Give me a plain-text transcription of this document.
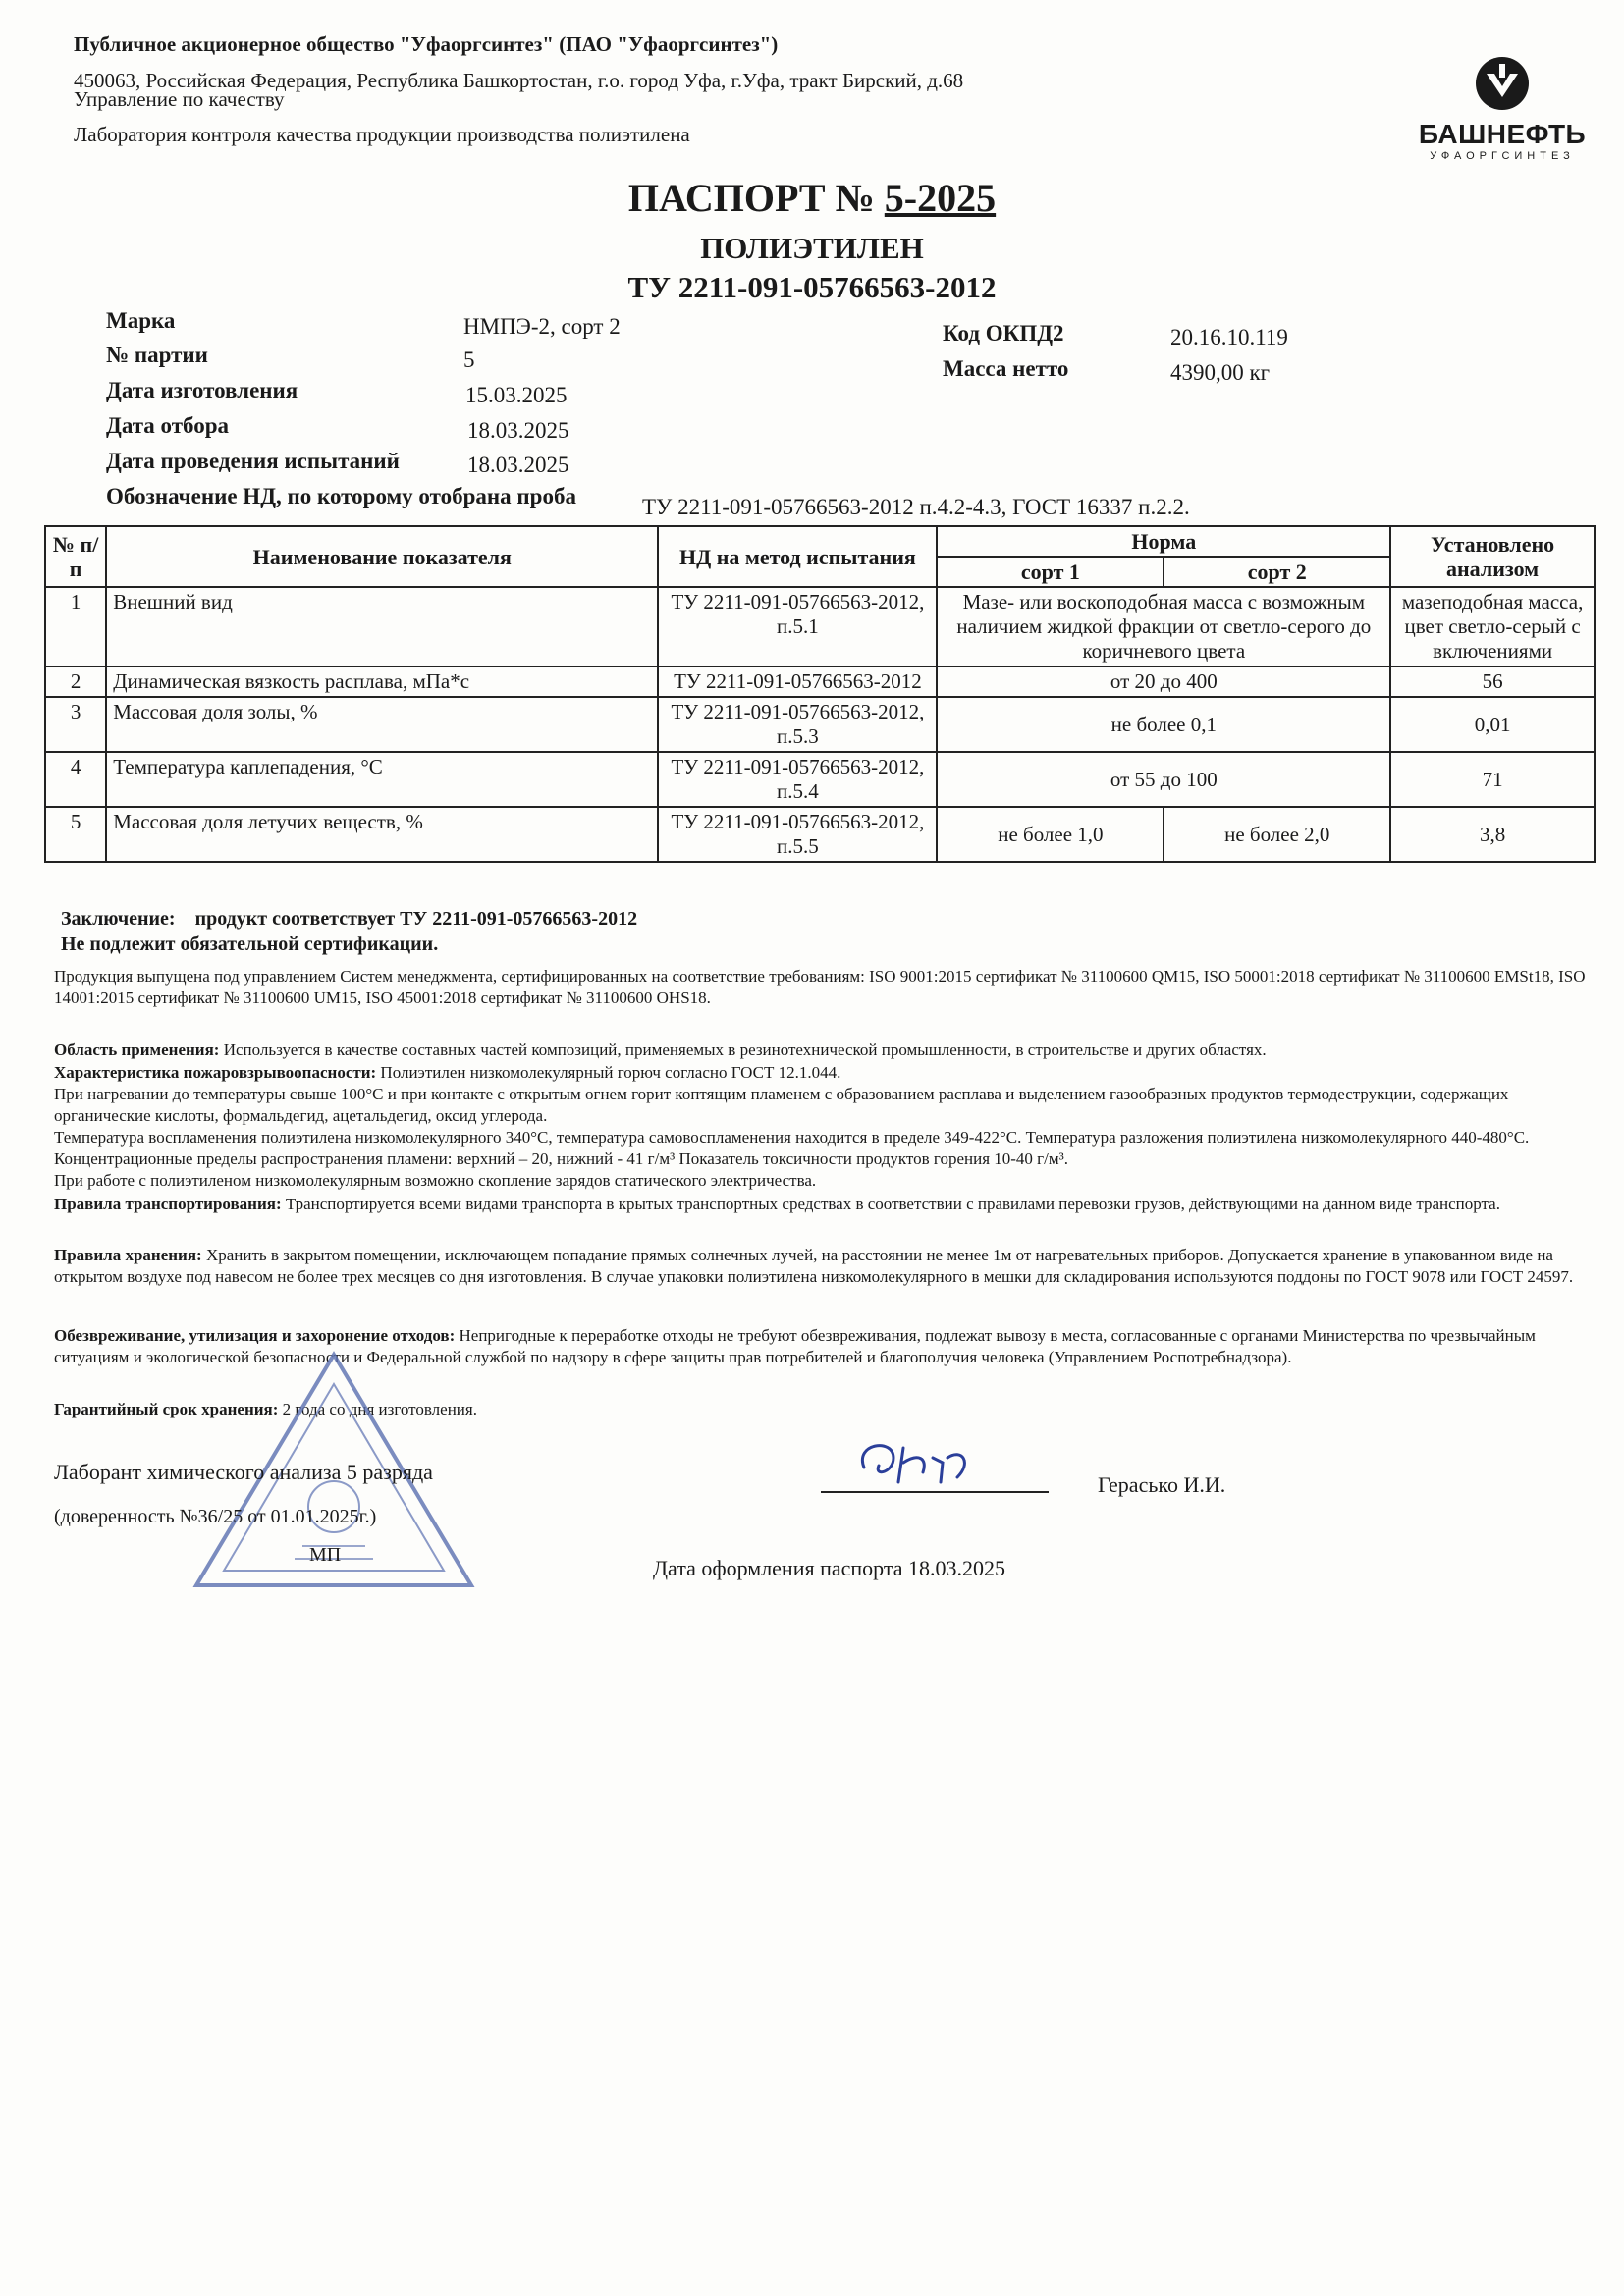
Публичное акционерное общество "Уфаоргсинтез" (ПАО "Уфаоргсинтез")
450063, Российская Федерация, Республика Башкортостан, г.о. город Уфа, г.Уфа, тракт Бирский, д.68
Управление по качеству
Лаборатория контроля качества продукции производства полиэтилена	БАШНЕФТЬ
УФАОРГСИНТЕЗ
ПАСПОРТ № 5-2025
ПОЛИЭТИЛЕН
ТУ 2211-091-05766563-2012
Марка	НМПЭ-2, сорт 2
№ партии	5
Дата изготовления	15.03.2025
Дата отбора	18.03.2025
Дата проведения испытаний	18.03.2025
Код ОКПД2	20.16.10.119
Масса нетто	4390,00 кг
Обозначение НД, по которому отобрана проба	ТУ 2211-091-05766563-2012 п.4.2-4.3, ГОСТ 16337 п.2.2.
№ п/п	Наименование показателя	НД на метод испытания	Норма		Установлено анализом
			сорт 1	сорт 2	
1	Внешний вид	ТУ 2211-091-05766563-2012, п.5.1	Мазе- или воскоподобная масса с возможным наличием жидкой фракции от светло-серого до коричневого цвета		мазеподобная масса, цвет светло-серый с включениями
2	Динамическая вязкость расплава, мПа*с	ТУ 2211-091-05766563-2012	от 20 до 400		56
3	Массовая доля золы, %	ТУ 2211-091-05766563-2012, п.5.3	не более 0,1		0,01
4	Температура каплепадения, °С	ТУ 2211-091-05766563-2012, п.5.4	от 55 до 100		71
5	Массовая доля летучих веществ, %	ТУ 2211-091-05766563-2012, п.5.5	не более 1,0	не более 2,0	3,8
Заключение: продукт соответствует ТУ 2211-091-05766563-2012
Не подлежит обязательной сертификации.
Продукция выпущена под управлением Систем менеджмента, сертифицированных на соответствие требованиям: ISO 9001:2015 сертификат № 31100600 QM15, ISO 50001:2018 сертификат № 31100600 EMSt18, ISO 14001:2015 сертификат № 31100600 UM15, ISO 45001:2018 сертификат № 31100600 OHS18.
Область применения: Используется в качестве составных частей композиций, применяемых в резинотехнической промышленности, в строительстве и других областях.
Характеристика пожаровзрывоопасности: Полиэтилен низкомолекулярный горюч согласно ГОСТ 12.1.044.
При нагревании до температуры свыше 100°С и при контакте с открытым огнем горит коптящим пламенем с образованием расплава и выделением газообразных продуктов термодеструкции, содержащих органические кислоты, формальдегид, ацетальдегид, оксид углерода.
Температура воспламенения полиэтилена низкомолекулярного 340°С, температура самовоспламенения находится в пределе 349-422°С. Температура разложения полиэтилена низкомолекулярного 440-480°С. Концентрационные пределы распространения пламени: верхний – 20, нижний - 41 г/м³ Показатель токсичности продуктов горения 10-40 г/м³.
При работе с полиэтиленом низкомолекулярным возможно скопление зарядов статического электричества.
Правила транспортирования: Транспортируется всеми видами транспорта в крытых транспортных средствах в соответствии с правилами перевозки грузов, действующими на данном виде транспорта.
Правила хранения: Хранить в закрытом помещении, исключающем попадание прямых солнечных лучей, на расстоянии не менее 1м от нагревательных приборов. Допускается хранение в упакованном виде на открытом воздухе под навесом не более трех месяцев со дня изготовления. В случае упаковки полиэтилена низкомолекулярного в мешки для складирования используются поддоны по ГОСТ 9078 или ГОСТ 24597.
Обезвреживание, утилизация и захоронение отходов: Непригодные к переработке отходы не требуют обезвреживания, подлежат вывозу в места, согласованные с органами Министерства по чрезвычайным ситуациям и экологической безопасности и Федеральной службой по надзору в сфере защиты прав потребителей и благополучия человека (Управлением Роспотребнадзора).
Гарантийный срок хранения: 2 года со дня изготовления.
Лаборант химического анализа 5 разряда
(доверенность №36/25 от 01.01.2025г.)
МП
Герасько И.И.
Дата оформления паспорта 18.03.2025
